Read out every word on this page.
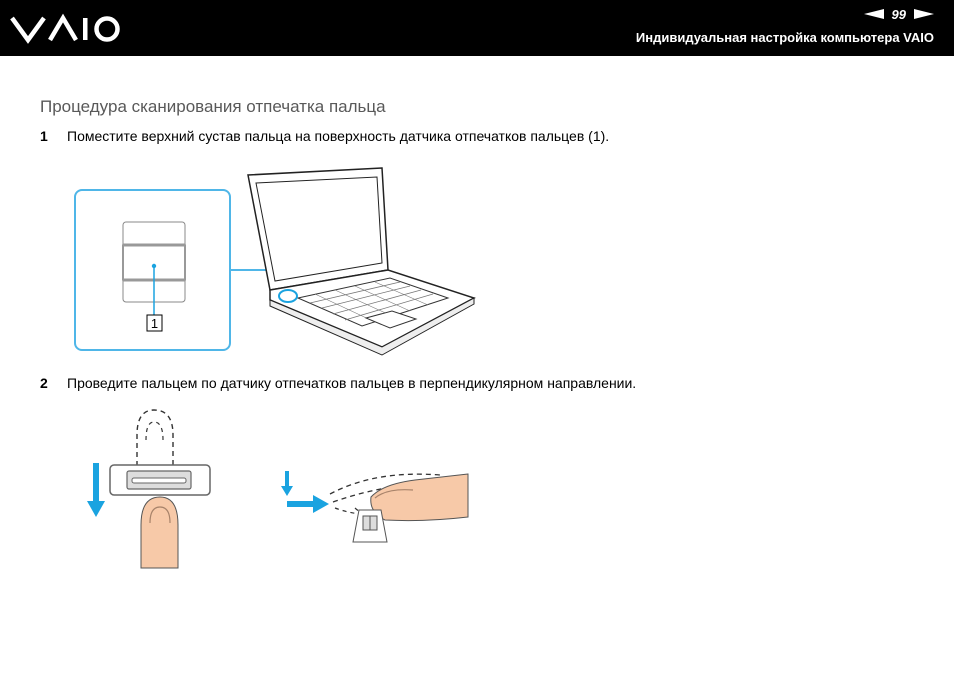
99
Индивидуальная настройка компьютера VAIO
Процедура сканирования отпечатка пальца
1 Поместите верхний сустав пальца на поверхность датчика отпечатков пальцев (1).
1
2 Проведите пальцем по датчику отпечатков пальцев в перпендикулярном направлении.
